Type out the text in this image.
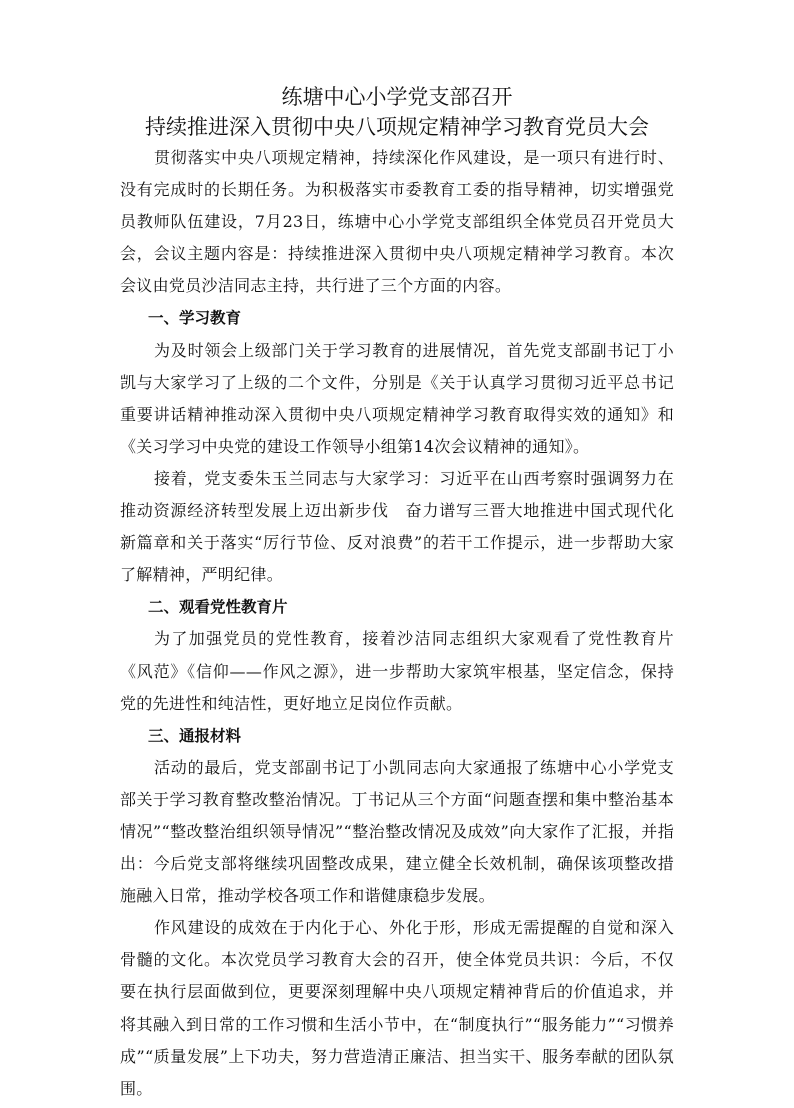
练塘中心小学党支部召开
持续推进深入贯彻中央八项规定精神学习教育党员大会

贯彻落实中央八项规定精神，持续深化作风建设，是一项只有进行时、没有完成时的长期任务。为积极落实市委教育工委的指导精神，切实增强党员教师队伍建设，7月23日，练塘中心小学党支部组织全体党员召开党员大会，会议主题内容是：持续推进深入贯彻中央八项规定精神学习教育。本次会议由党员沙洁同志主持，共行进了三个方面的内容。

一、学习教育

为及时领会上级部门关于学习教育的进展情况，首先党支部副书记丁小凯与大家学习了上级的二个文件，分别是《关于认真学习贯彻习近平总书记重要讲话精神推动深入贯彻中央八项规定精神学习教育取得实效的通知》和《关习学习中央党的建设工作领导小组第14次会议精神的通知》。

接着，党支委朱玉兰同志与大家学习：习近平在山西考察时强调努力在推动资源经济转型发展上迈出新步伐　奋力谱写三晋大地推进中国式现代化新篇章和关于落实“厉行节俭、反对浪费”的若干工作提示，进一步帮助大家了解精神，严明纪律。

二、观看党性教育片

为了加强党员的党性教育，接着沙洁同志组织大家观看了党性教育片《风范》《信仰——作风之源》，进一步帮助大家筑牢根基，坚定信念，保持党的先进性和纯洁性，更好地立足岗位作贡献。

三、通报材料

活动的最后，党支部副书记丁小凯同志向大家通报了练塘中心小学党支部关于学习教育整改整治情况。丁书记从三个方面“问题查摆和集中整治基本情况”“整改整治组织领导情况”“整治整改情况及成效”向大家作了汇报，并指出：今后党支部将继续巩固整改成果，建立健全长效机制，确保该项整改措施融入日常，推动学校各项工作和谐健康稳步发展。

作风建设的成效在于内化于心、外化于形，形成无需提醒的自觉和深入骨髓的文化。本次党员学习教育大会的召开，使全体党员共识：今后，不仅要在执行层面做到位，更要深刻理解中央八项规定精神背后的价值追求，并将其融入到日常的工作习惯和生活小节中，在“制度执行”“服务能力”“习惯养成”“质量发展”上下功夫，努力营造清正廉洁、担当实干、服务奉献的团队氛围。
